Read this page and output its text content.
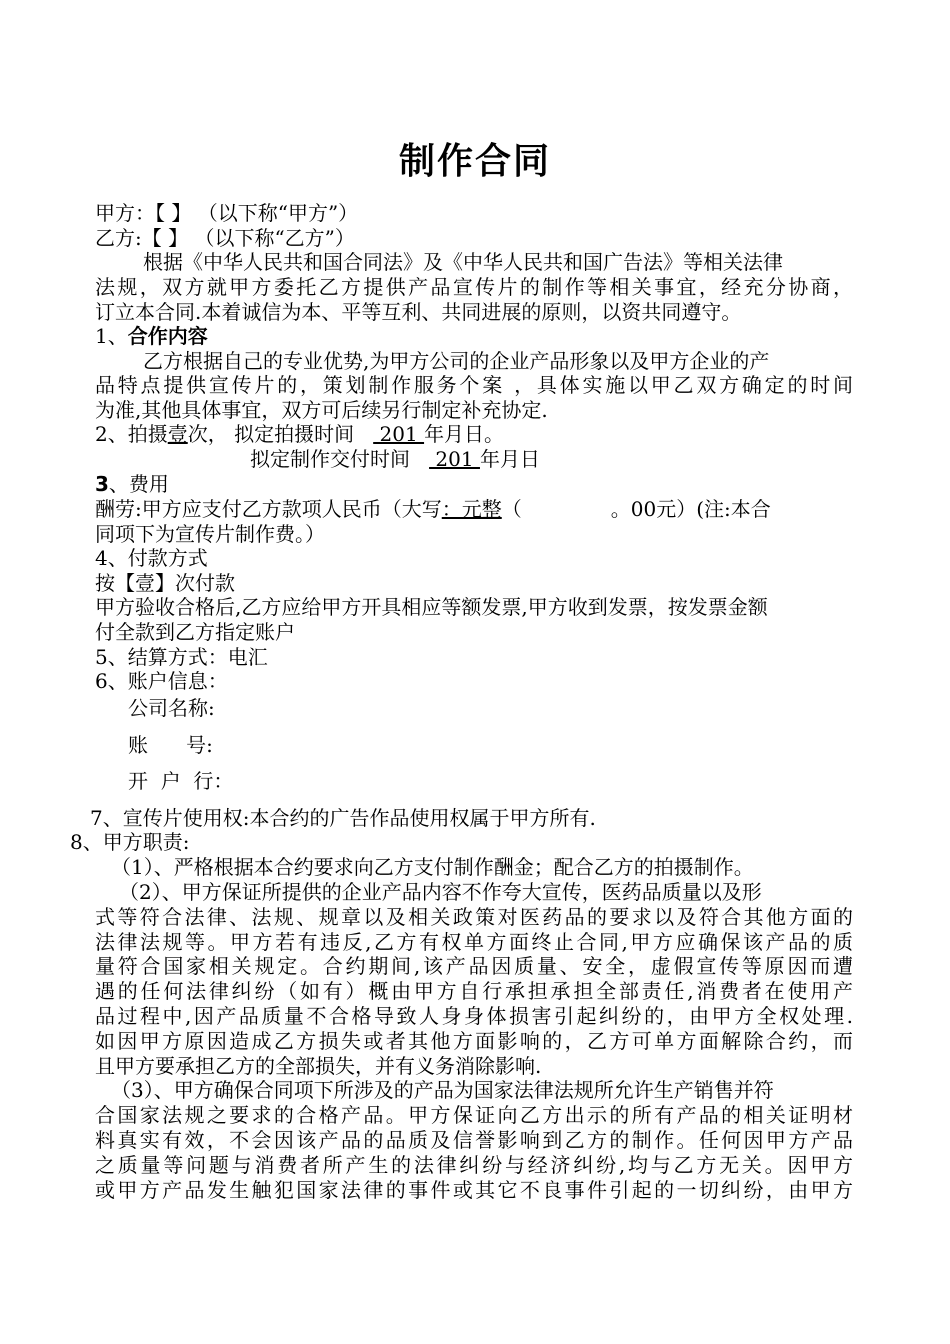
制作合同
甲方：【 】 （以下称“甲方”）
乙方:【 】 （以下称“乙方”）
根据《中华人民共和国合同法》及《中华人民共和国广告法》等相关法律
法规，双方就甲方委托乙方提供产品宣传片的制作等相关事宜，经充分协商，
订立本合同.本着诚信为本、平等互利、共同进展的原则，以资共同遵守。
1、合作内容
乙方根据自己的专业优势,为甲方公司的企业产品形象以及甲方企业的产
品特点提供宣传片的，策划制作服务个案 ，具体实施以甲乙双方确定的时间
为准,其他具体事宜，双方可后续另行制定补充协定.
2、拍摄壹次， 拟定拍摄时间    201 年月日。
拟定制作交付时间    201 年月日
3、费用
酬劳:甲方应支付乙方款项人民币（大写：元整（              。00元）(注:本合
同项下为宣传片制作费。）
4、付款方式
按【壹】次付款
甲方验收合格后,乙方应给甲方开具相应等额发票,甲方收到发票，按发票金额
付全款到乙方指定账户
5、结算方式：电汇
6、账户信息：
公司名称:
账      号:
开  户  行：
7、宣传片使用权:本合约的广告作品使用权属于甲方所有.
8、甲方职责:
（1）、严格根据本合约要求向乙方支付制作酬金；配合乙方的拍摄制作。
（2）、甲方保证所提供的企业产品内容不作夸大宣传，医药品质量以及形
式等符合法律、法规、规章以及相关政策对医药品的要求以及符合其他方面的
法律法规等。甲方若有违反,乙方有权单方面终止合同,甲方应确保该产品的质
量符合国家相关规定。合约期间,该产品因质量、安全，虚假宣传等原因而遭
遇的任何法律纠纷（如有）概由甲方自行承担承担全部责任,消费者在使用产
品过程中,因产品质量不合格导致人身身体损害引起纠纷的，由甲方全权处理.
如因甲方原因造成乙方损失或者其他方面影响的，乙方可单方面解除合约，而
且甲方要承担乙方的全部损失，并有义务消除影响.
（3）、甲方确保合同项下所涉及的产品为国家法律法规所允许生产销售并符
合国家法规之要求的合格产品。甲方保证向乙方出示的所有产品的相关证明材
料真实有效，不会因该产品的品质及信誉影响到乙方的制作。任何因甲方产品
之质量等问题与消费者所产生的法律纠纷与经济纠纷,均与乙方无关。因甲方
或甲方产品发生触犯国家法律的事件或其它不良事件引起的一切纠纷，由甲方
